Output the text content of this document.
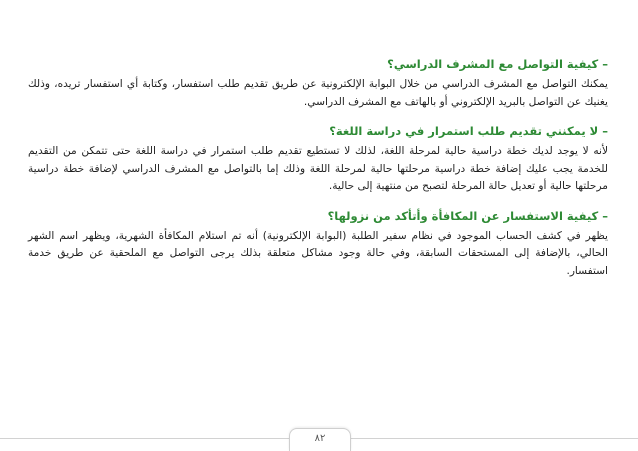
– كيفية التواصل مع المشرف الدراسي؟

يمكنك التواصل مع المشرف الدراسي من خلال البوابة الإلكترونية عن طريق تقديم طلب استفسار، وكتابة أي استفسار تريده، وذلك يغنيك عن التواصل بالبريد الإلكتروني أو بالهاتف مع المشرف الدراسي.

– لا يمكنني تقديم طلب استمرار في دراسة اللغة؟

لأنه لا يوجد لديك خطة دراسية حالية لمرحلة اللغة، لذلك لا تستطيع تقديم طلب استمرار في دراسة اللغة حتى تتمكن من التقديم للخدمة يجب عليك إضافة خطة دراسية مرحلتها حالية لمرحلة اللغة وذلك إما بالتواصل مع المشرف الدراسي لإضافة خطة دراسية مرحلتها حالية أو تعديل حالة المرحلة لتصبح من منتهية إلى حالية.

– كيفية الاستفسار عن المكافأة وأتأكد من نزولها؟

يظهر في كشف الحساب الموجود في نظام سفير الطلبة (البوابة الإلكترونية) أنه تم استلام المكافأة الشهرية، ويظهر اسم الشهر الحالي، بالإضافة إلى المستحقات السابقة، وفي حالة وجود مشاكل متعلقة بذلك يرجى التواصل مع الملحقية عن طريق خدمة استفسار.

٨٢
